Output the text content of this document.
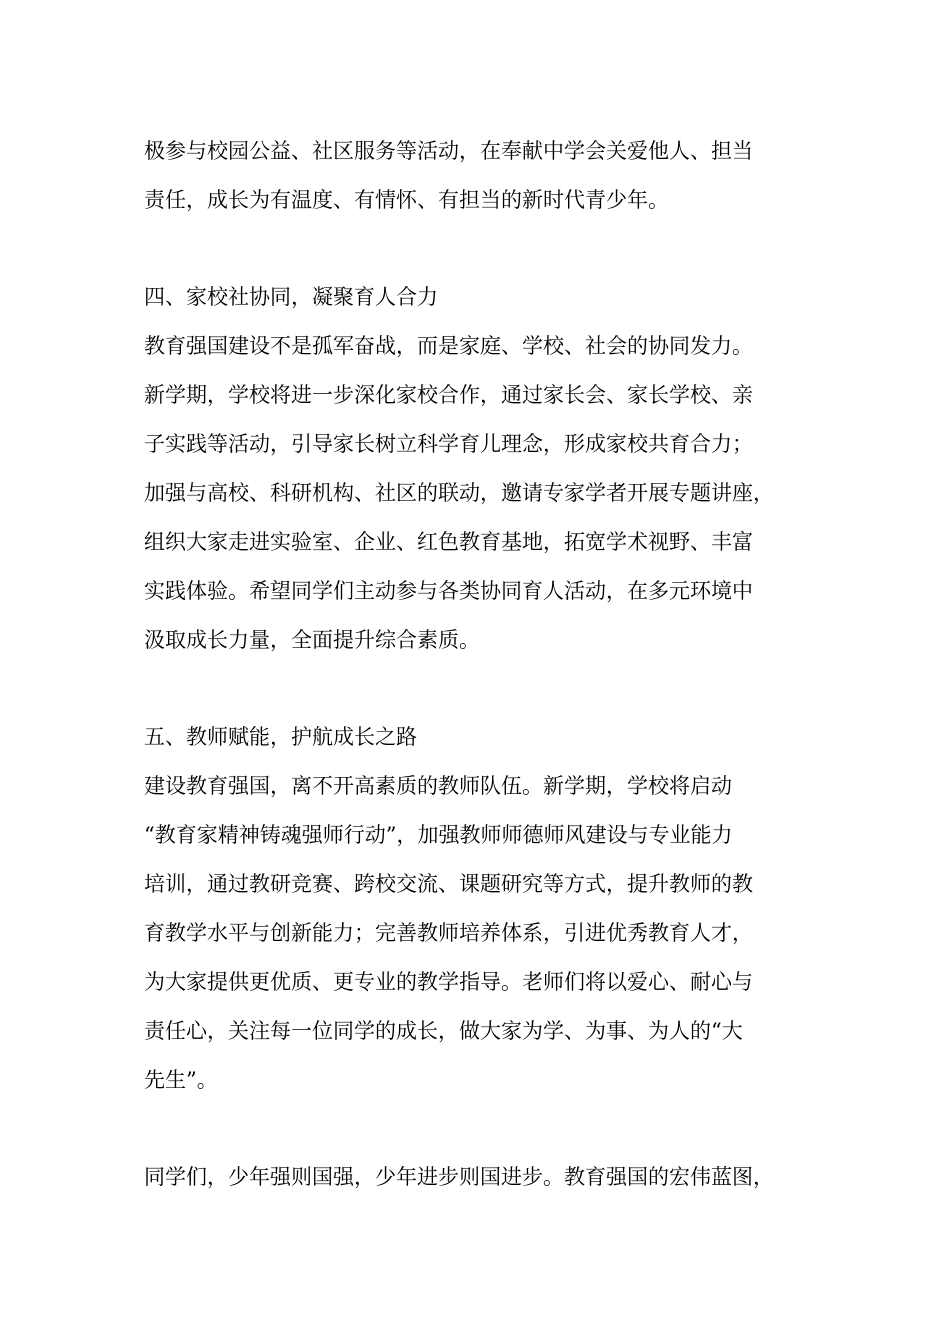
极参与校园公益、社区服务等活动，在奉献中学会关爱他人、担当
责任，成长为有温度、有情怀、有担当的新时代青少年。
四、家校社协同，凝聚育人合力
教育强国建设不是孤军奋战，而是家庭、学校、社会的协同发力。
新学期，学校将进一步深化家校合作，通过家长会、家长学校、亲
子实践等活动，引导家长树立科学育儿理念，形成家校共育合力；
加强与高校、科研机构、社区的联动，邀请专家学者开展专题讲座，
组织大家走进实验室、企业、红色教育基地，拓宽学术视野、丰富
实践体验。希望同学们主动参与各类协同育人活动，在多元环境中
汲取成长力量，全面提升综合素质。
五、教师赋能，护航成长之路
建设教育强国，离不开高素质的教师队伍。新学期，学校将启动
“教育家精神铸魂强师行动”，加强教师师德师风建设与专业能力
培训，通过教研竞赛、跨校交流、课题研究等方式，提升教师的教
育教学水平与创新能力；完善教师培养体系，引进优秀教育人才，
为大家提供更优质、更专业的教学指导。老师们将以爱心、耐心与
责任心，关注每一位同学的成长，做大家为学、为事、为人的“大
先生”。
同学们，少年强则国强，少年进步则国进步。教育强国的宏伟蓝图，
